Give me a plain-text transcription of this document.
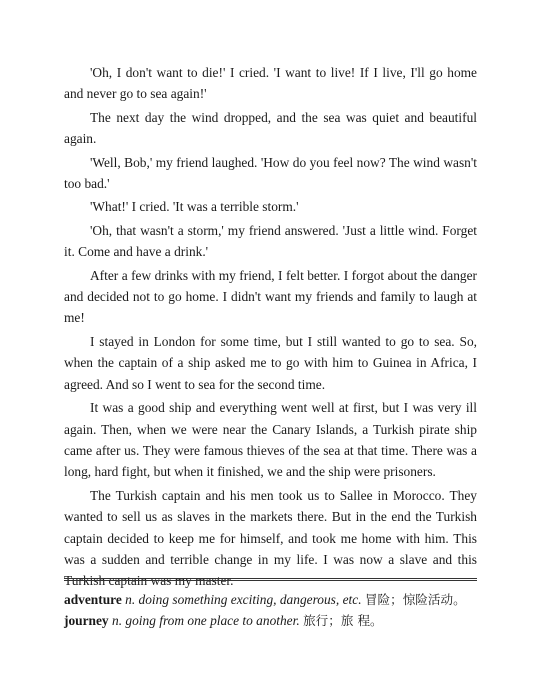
'Oh, I don't want to die!' I cried. 'I want to live! If I live, I'll go home and never go to sea again!'

The next day the wind dropped, and the sea was quiet and beautiful again.

'Well, Bob,' my friend laughed. 'How do you feel now? The wind wasn't too bad.'

'What!' I cried. 'It was a terrible storm.'

'Oh, that wasn't a storm,' my friend answered. 'Just a little wind. Forget it. Come and have a drink.'

After a few drinks with my friend, I felt better. I forgot about the danger and decided not to go home. I didn't want my friends and family to laugh at me!

I stayed in London for some time, but I still wanted to go to sea. So, when the captain of a ship asked me to go with him to Guinea in Africa, I agreed. And so I went to sea for the second time.

It was a good ship and everything went well at first, but I was very ill again. Then, when we were near the Canary Islands, a Turkish pirate ship came after us. They were famous thieves of the sea at that time. There was a long, hard fight, but when it finished, we and the ship were prisoners.

The Turkish captain and his men took us to Sallee in Morocco. They wanted to sell us as slaves in the markets there. But in the end the Turkish captain decided to keep me for himself, and took me home with him. This was a sudden and terrible change in my life. I was now a slave and this Turkish captain was my master.

adventure n. doing something exciting, dangerous, etc. 冒险；惊险活动。

journey n. going from one place to another. 旅行；旅 程。
